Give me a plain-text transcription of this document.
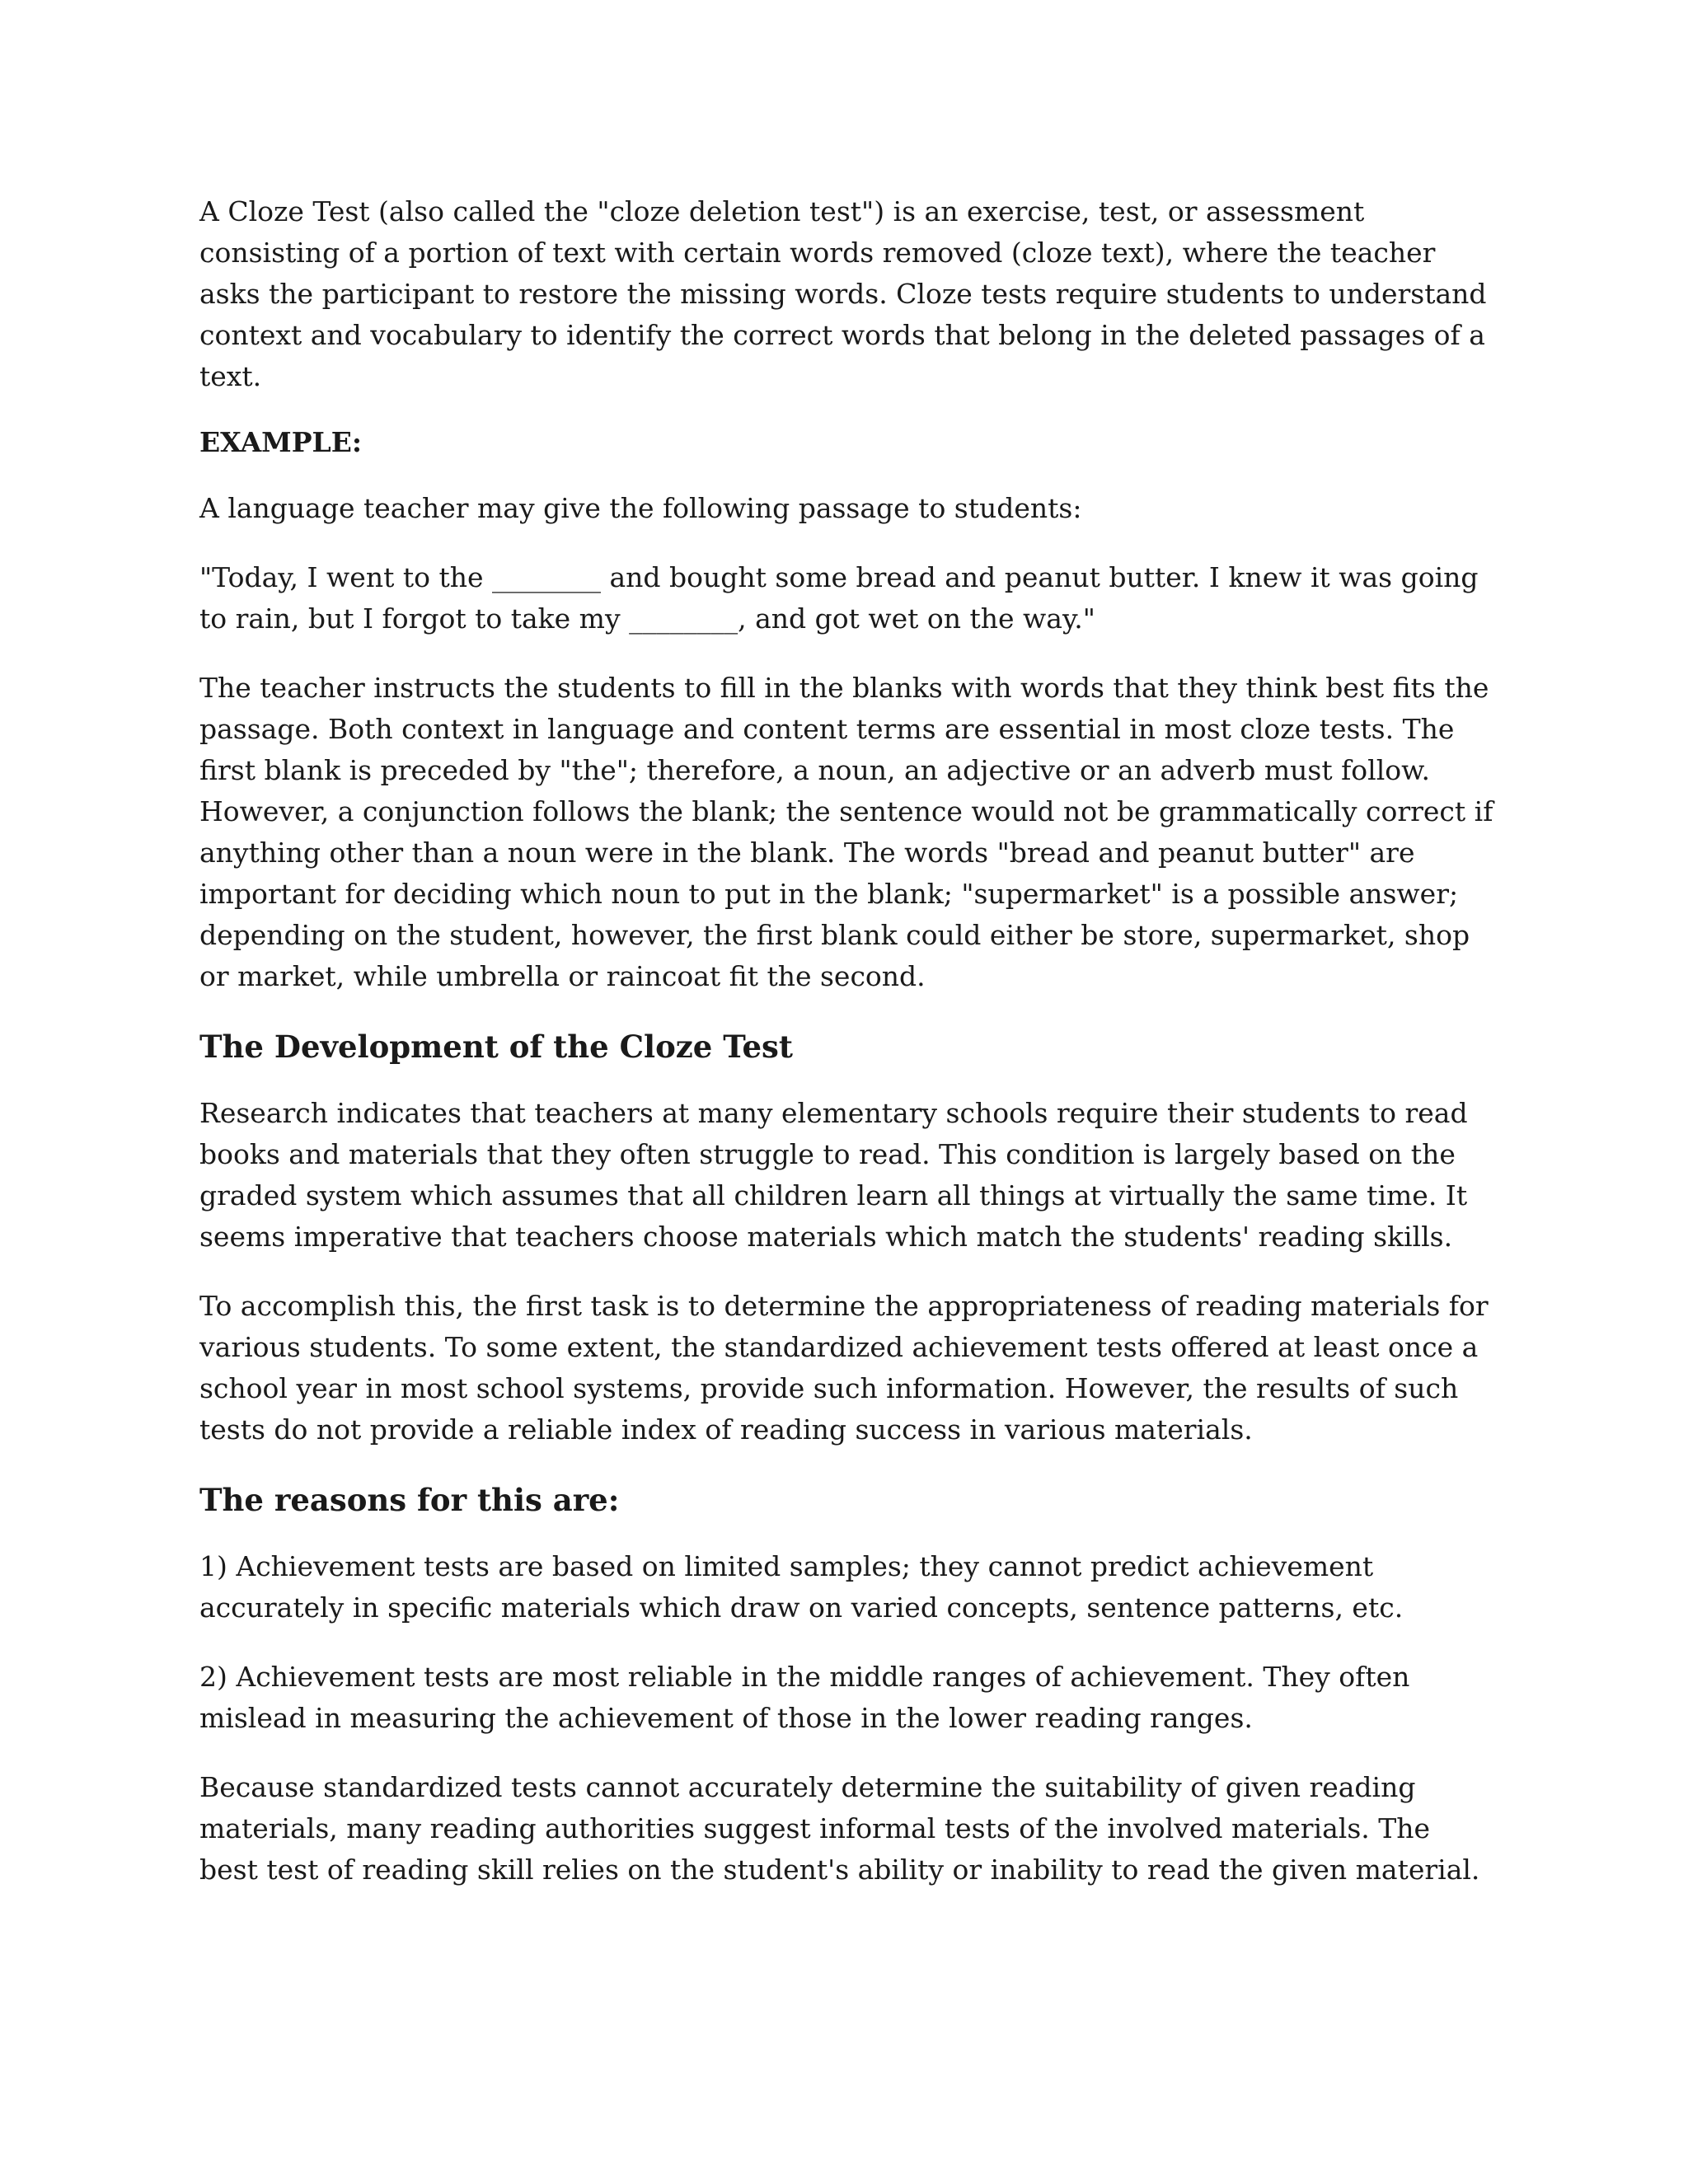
A Cloze Test (also called the "cloze deletion test") is an exercise, test, or assessment consisting of a portion of text with certain words removed (cloze text), where the teacher asks the participant to restore the missing words. Cloze tests require students to understand context and vocabulary to identify the correct words that belong in the deleted passages of a text.

EXAMPLE:

A language teacher may give the following passage to students:

"Today, I went to the ________ and bought some bread and peanut butter. I knew it was going to rain, but I forgot to take my ________, and got wet on the way."

The teacher instructs the students to fill in the blanks with words that they think best fits the passage. Both context in language and content terms are essential in most cloze tests. The first blank is preceded by "the"; therefore, a noun, an adjective or an adverb must follow. However, a conjunction follows the blank; the sentence would not be grammatically correct if anything other than a noun were in the blank. The words "bread and peanut butter" are important for deciding which noun to put in the blank; "supermarket" is a possible answer; depending on the student, however, the first blank could either be store, supermarket, shop or market, while umbrella or raincoat fit the second.

The Development of the Cloze Test

Research indicates that teachers at many elementary schools require their students to read books and materials that they often struggle to read. This condition is largely based on the graded system which assumes that all children learn all things at virtually the same time. It seems imperative that teachers choose materials which match the students' reading skills.

To accomplish this, the first task is to determine the appropriateness of reading materials for various students. To some extent, the standardized achievement tests offered at least once a school year in most school systems, provide such information. However, the results of such tests do not provide a reliable index of reading success in various materials.

The reasons for this are:

1) Achievement tests are based on limited samples; they cannot predict achievement accurately in specific materials which draw on varied concepts, sentence patterns, etc.

2) Achievement tests are most reliable in the middle ranges of achievement. They often mislead in measuring the achievement of those in the lower reading ranges.

Because standardized tests cannot accurately determine the suitability of given reading materials, many reading authorities suggest informal tests of the involved materials. The best test of reading skill relies on the student's ability or inability to read the given material.
